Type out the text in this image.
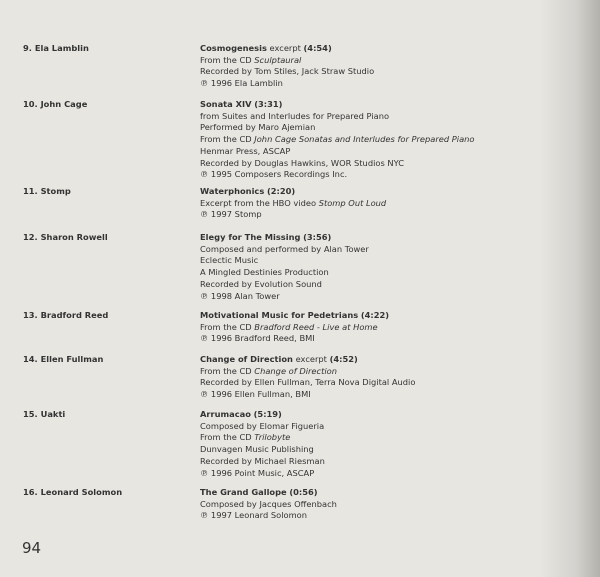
9. Ela Lamblin	Cosmogenesis excerpt (4:54)
From the CD Sculptaural
Recorded by Tom Stiles, Jack Straw Studio
℗ 1996 Ela Lamblin
10. John Cage	Sonata XIV (3:31)
from Suites and Interludes for Prepared Piano
Performed by Maro Ajemian
From the CD John Cage Sonatas and Interludes for Prepared Piano
Henmar Press, ASCAP
Recorded by Douglas Hawkins, WOR Studios NYC
℗ 1995 Composers Recordings Inc.
11. Stomp	Waterphonics (2:20)
Excerpt from the HBO video Stomp Out Loud
℗ 1997 Stomp
12. Sharon Rowell	Elegy for The Missing (3:56)
Composed and performed by Alan Tower
Eclectic Music
A Mingled Destinies Production
Recorded by Evolution Sound
℗ 1998 Alan Tower
13. Bradford Reed	Motivational Music for Pedetrians (4:22)
From the CD Bradford Reed - Live at Home
℗ 1996 Bradford Reed, BMI
14. Ellen Fullman	Change of Direction excerpt (4:52)
From the CD Change of Direction
Recorded by Ellen Fullman, Terra Nova Digital Audio
℗ 1996 Ellen Fullman, BMI
15. Uakti	Arrumacao (5:19)
Composed by Elomar Figueria
From the CD Trilobyte
Dunvagen Music Publishing
Recorded by Michael Riesman
℗ 1996 Point Music, ASCAP
16. Leonard Solomon	The Grand Gallope (0:56)
Composed by Jacques Offenbach
℗ 1997 Leonard Solomon
94
